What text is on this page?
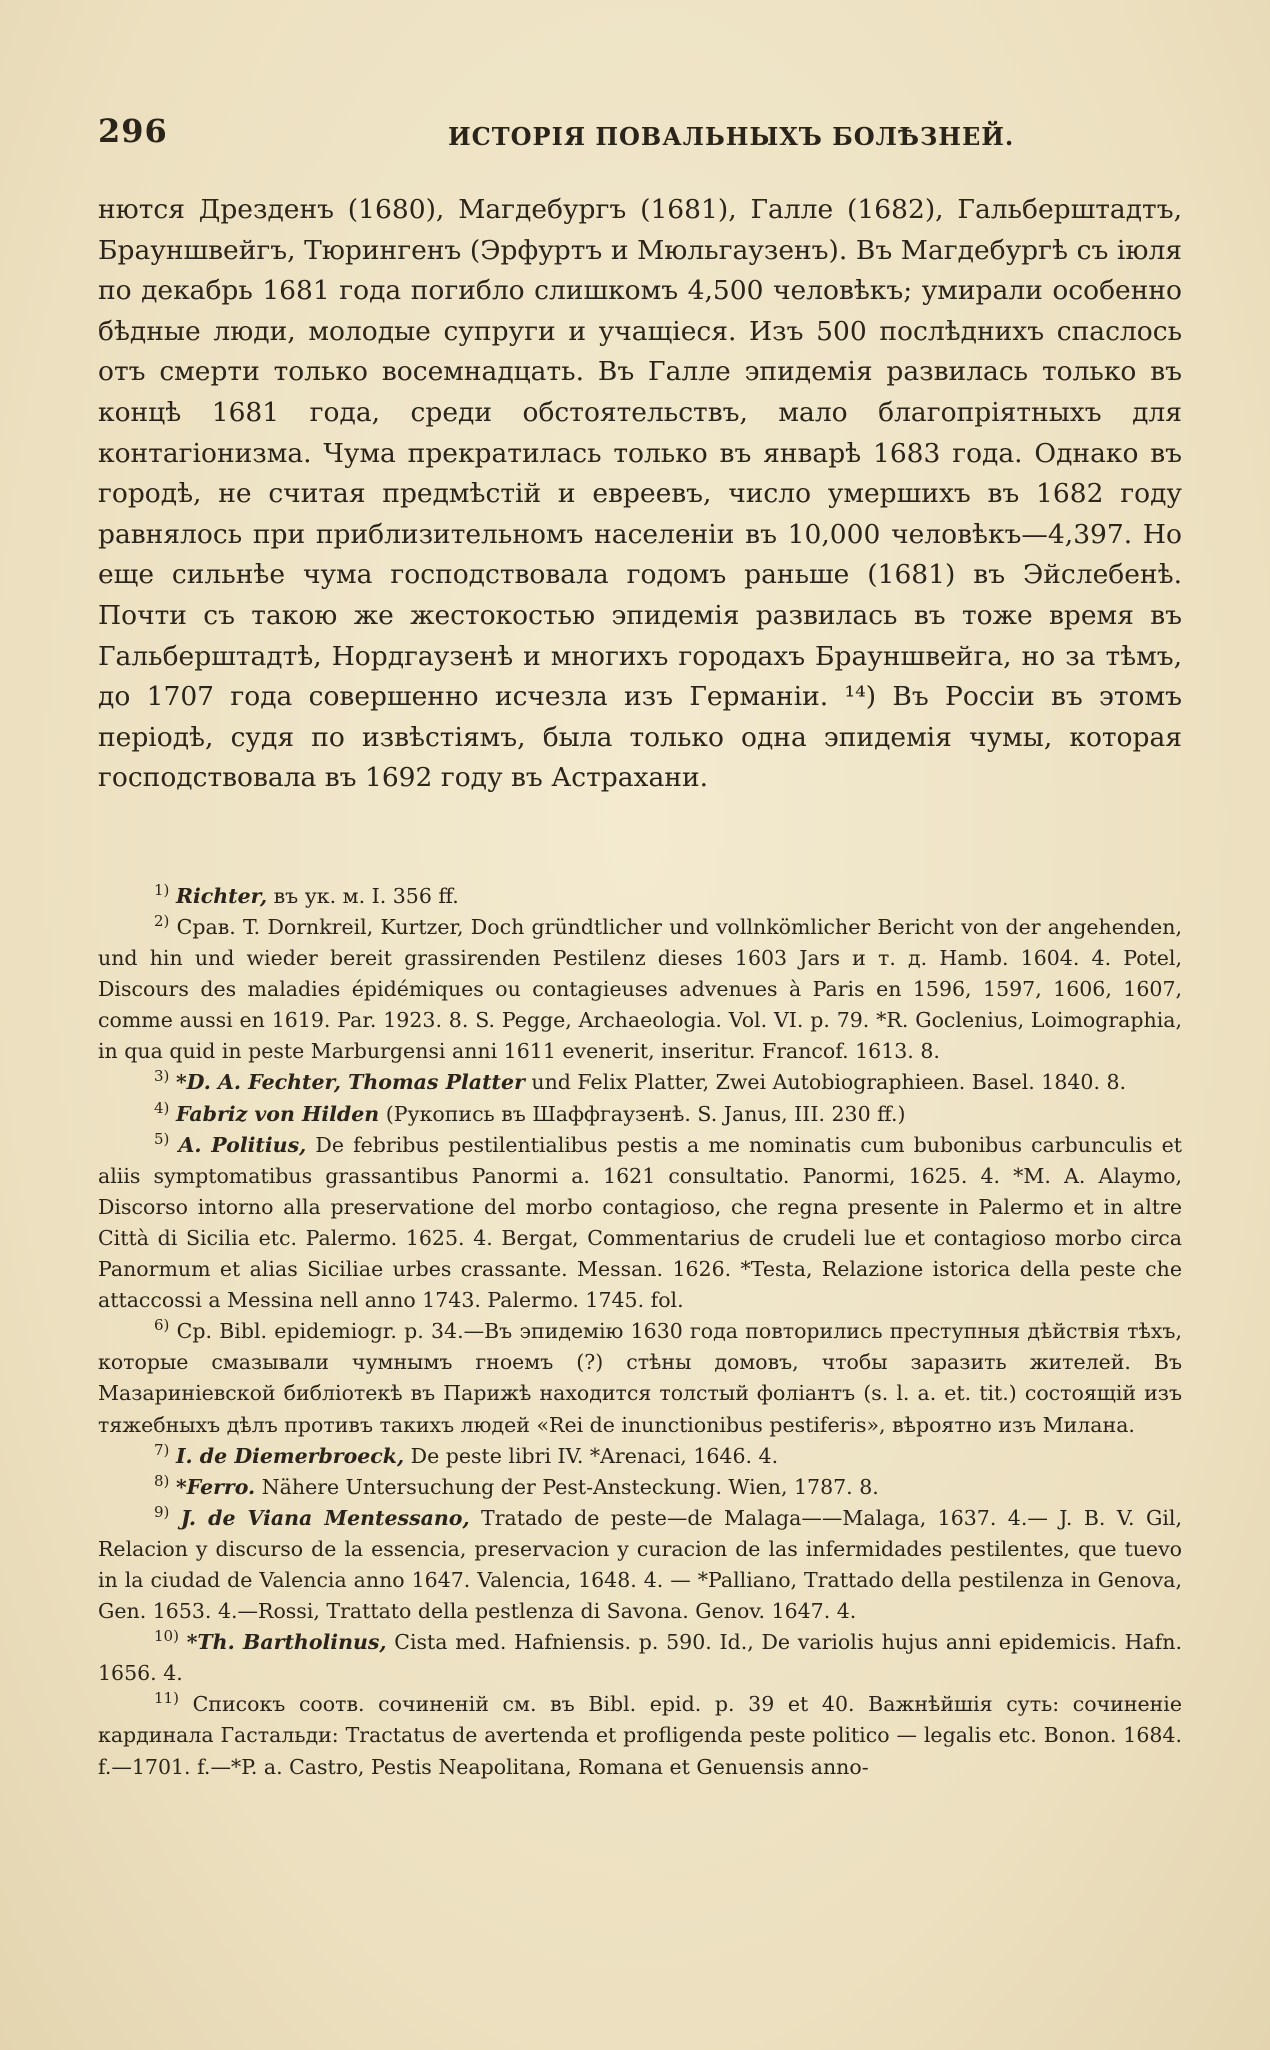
296	ИСТОРІЯ ПОВАЛЬНЫХЪ БОЛѢЗНЕЙ.

нются Дрезденъ (1680), Магдебургъ (1681), Галле (1682), Гальберштадтъ, Брауншвейгъ, Тюрингенъ (Эрфуртъ и Мюльгаузенъ). Въ Магдебургѣ съ іюля по декабрь 1681 года погибло слишкомъ 4,500 человѣкъ; умирали особенно бѣдные люди, молодые супруги и учащіеся. Изъ 500 послѣднихъ спаслось отъ смерти только восемнадцать. Въ Галле эпидемія развилась только въ концѣ 1681 года, среди обстоятельствъ, мало благопріятныхъ для контагіонизма. Чума прекратилась только въ январѣ 1683 года. Однако въ городѣ, не считая предмѣстій и евреевъ, число умершихъ въ 1682 году равнялось при приблизительномъ населеніи въ 10,000 человѣкъ—4,397. Но еще сильнѣе чума господствовала годомъ раньше (1681) въ Эйслебенѣ. Почти съ такою же жестокостью эпидемія развилась въ тоже время въ Гальберштадтѣ, Нордгаузенѣ и многихъ городахъ Брауншвейга, но за тѣмъ, до 1707 года совершенно исчезла изъ Германіи. ¹⁴) Въ Россіи въ этомъ періодѣ, судя по извѣстіямъ, была только одна эпидемія чумы, которая господствовала въ 1692 году въ Астрахани.

$^{1)}$ Richter, въ ук. м. I. 356 ff.

$^{2)}$ Срав. T. Dornkreil, Kurtzer, Doch gründtlicher und vollnkömlicher Bericht von der angehenden, und hin und wieder bereit grassirenden Pestilenz dieses 1603 Jars и т. д. Hamb. 1604. 4. Potel, Discours des maladies épidémiques ou contagieuses advenues à Paris en 1596, 1597, 1606, 1607, comme aussi en 1619. Par. 1923. 8. S. Pegge, Archaeologia. Vol. VI. p. 79. *R. Goclenius, Loimographia, in qua quid in peste Marburgensi anni 1611 evenerit, inseritur. Francof. 1613. 8.

$^{3)}$ *D. A. Fechter, Thomas Platter und Felix Platter, Zwei Autobiographieen. Basel. 1840. 8.

$^{4)}$ Fabriz von Hilden (Рукопись въ Шаффгаузенѣ. S. Janus, III. 230 ff.)

$^{5)}$ A. Politius, De febribus pestilentialibus pestis a me nominatis cum bubonibus carbunculis et aliis symptomatibus grassantibus Panormi a. 1621 consultatio. Panormi, 1625. 4. *M. A. Alaymo, Discorso intorno alla preservatione del morbo contagioso, che regna presente in Palermo et in altre Città di Sicilia etc. Palermo. 1625. 4. Bergat, Commentarius de crudeli lue et contagioso morbo circa Panormum et alias Siciliae urbes crassante. Messan. 1626. *Testa, Relazione istorica della peste che attaccossi a Messina nell anno 1743. Palermo. 1745. fol.

$^{6)}$ Cp. Bibl. epidemiogr. p. 34.—Въ эпидемію 1630 года повторились преступныя дѣйствія тѣхъ, которые смазывали чумнымъ гноемъ (?) стѣны домовъ, чтобы заразить жителей. Въ Мазариніевской библіотекѣ въ Парижѣ находится толстый фоліантъ (s. l. a. et. tit.) состоящій изъ тяжебныхъ дѣлъ противъ такихъ людей «Rei de inunctionibus pestiferis», вѣроятно изъ Милана.

$^{7)}$ I. de Diemerbroeck, De peste libri IV. *Arenaci, 1646. 4.

$^{8)}$ *Ferro. Nähere Untersuchung der Pest-Ansteckung. Wien, 1787. 8.

$^{9)}$ J. de Viana Mentessano, Tratado de peste—de Malaga——Malaga, 1637. 4.— J. B. V. Gil, Relacion y discurso de la essencia, preservacion y curacion de las infermidades pestilentes, que tuevo in la ciudad de Valencia anno 1647. Valencia, 1648. 4. — *Palliano, Trattado della pestilenza in Genova, Gen. 1653. 4.—Rossi, Trattato della pestlenza di Savona. Genov. 1647. 4.

$^{10)}$ *Th. Bartholinus, Cista med. Hafniensis. p. 590. Id., De variolis hujus anni epidemicis. Hafn. 1656. 4.

$^{11)}$ Списокъ соотв. сочиненій см. въ Bibl. epid. p. 39 et 40. Важнѣйшія суть: сочиненіе кардинала Гастальди: Tractatus de avertenda et profligenda peste politico — legalis etc. Bonon. 1684. f.—1701. f.—*P. a. Castro, Pestis Neapolitana, Romana et Genuensis anno-
